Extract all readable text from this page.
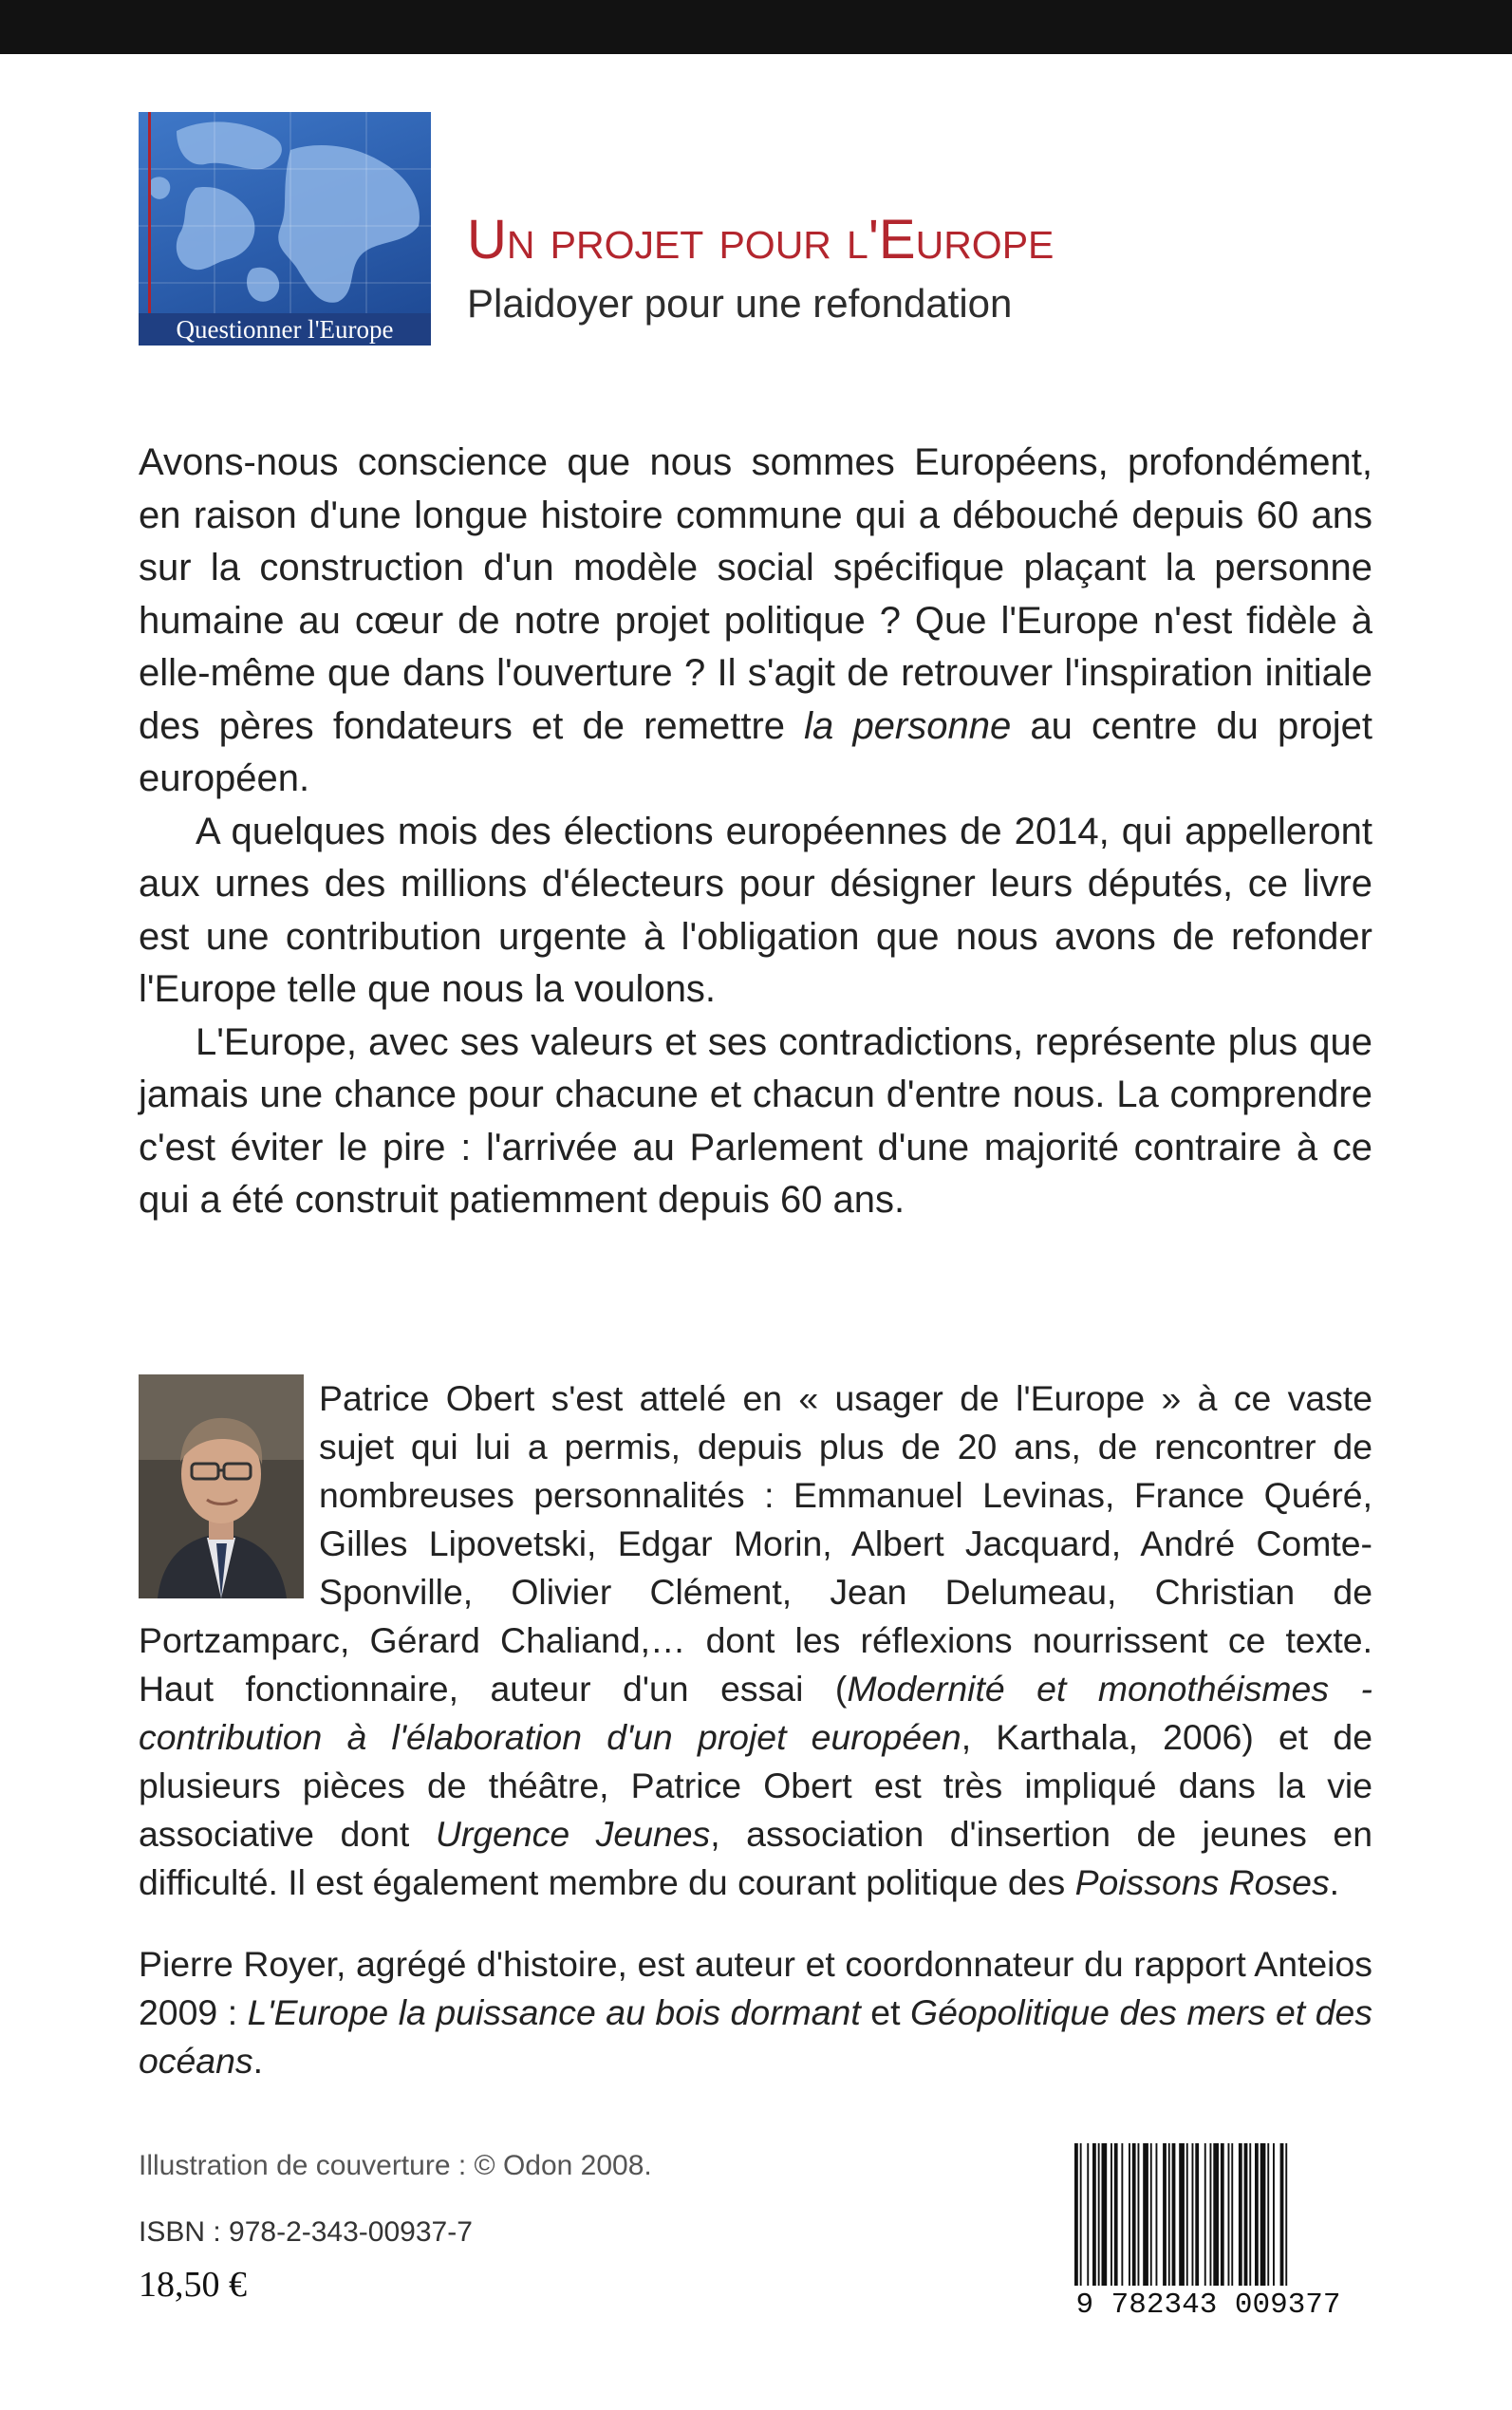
Questionner l'Europe
Un projet pour l'Europe
Plaidoyer pour une refondation

Avons-nous conscience que nous sommes Européens, profondément, en raison d'une longue histoire commune qui a débouché depuis 60 ans sur la construction d'un modèle social spécifique plaçant la personne humaine au cœur de notre projet politique ? Que l'Europe n'est fidèle à elle-même que dans l'ouverture ? Il s'agit de retrouver l'inspiration initiale des pères fondateurs et de remettre la personne au centre du projet européen.

A quelques mois des élections européennes de 2014, qui appelleront aux urnes des millions d'électeurs pour désigner leurs députés, ce livre est une contribution urgente à l'obligation que nous avons de refonder l'Europe telle que nous la voulons.

L'Europe, avec ses valeurs et ses contradictions, représente plus que jamais une chance pour chacune et chacun d'entre nous. La comprendre c'est éviter le pire : l'arrivée au Parlement d'une majorité contraire à ce qui a été construit patiemment depuis 60 ans.

Patrice Obert s'est attelé en « usager de l'Europe » à ce vaste sujet qui lui a permis, depuis plus de 20 ans, de rencontrer de nombreuses personnalités : Emmanuel Levinas, France Quéré, Gilles Lipovetski, Edgar Morin, Albert Jacquard, André Comte-Sponville, Olivier Clément, Jean Delumeau, Christian de Portzamparc, Gérard Chaliand,… dont les réflexions nourrissent ce texte. Haut fonctionnaire, auteur d'un essai (Modernité et monothéismes - contribution à l'élaboration d'un projet européen, Karthala, 2006) et de plusieurs pièces de théâtre, Patrice Obert est très impliqué dans la vie associative dont Urgence Jeunes, association d'insertion de jeunes en difficulté. Il est également membre du courant politique des Poissons Roses.

Pierre Royer, agrégé d'histoire, est auteur et coordonnateur du rapport Anteios 2009 : L'Europe la puissance au bois dormant et Géopolitique des mers et des océans.

Illustration de couverture : © Odon 2008.
ISBN : 978-2-343-00937-7
18,50 €
9 782343 009377
